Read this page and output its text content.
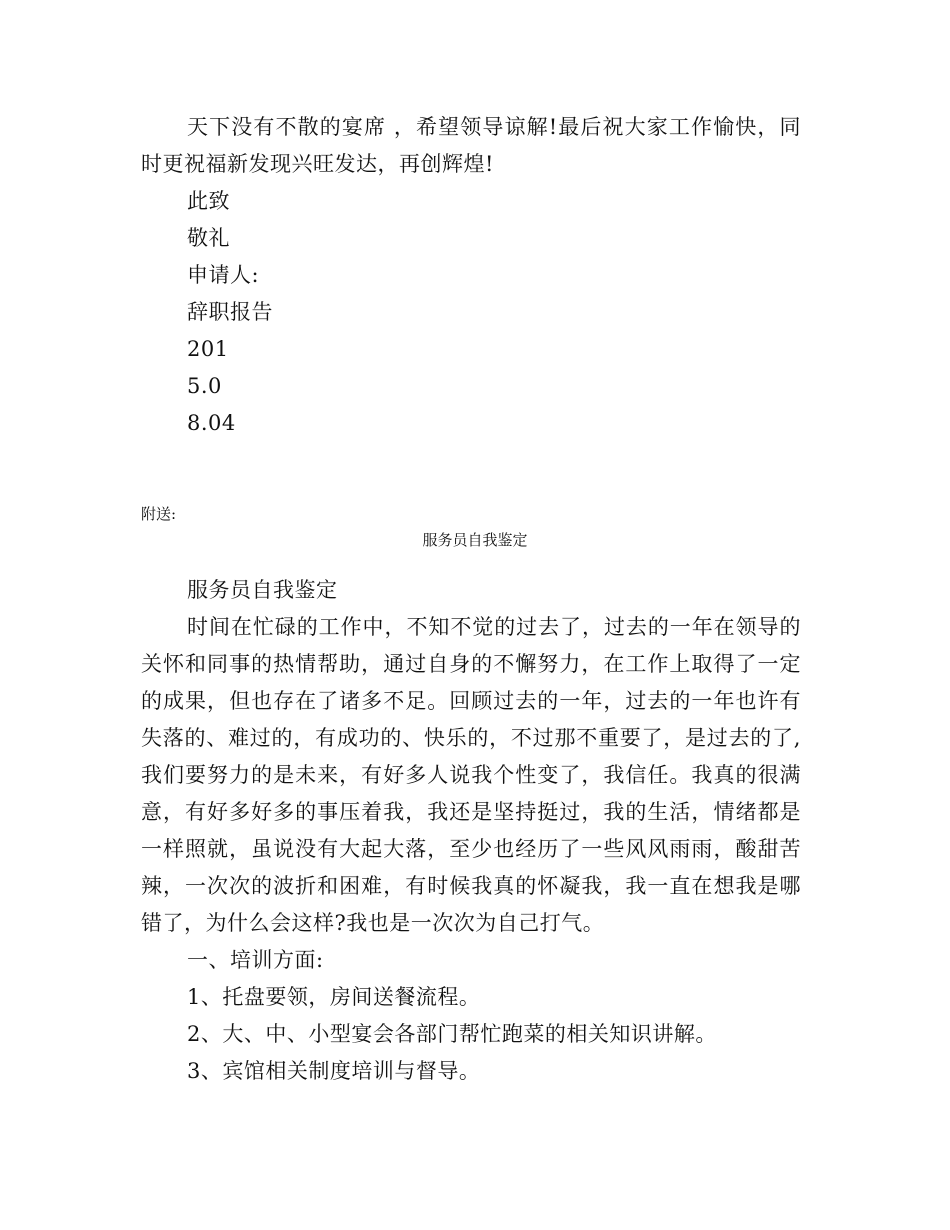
天下没有不散的宴席 ，希望领导谅解!最后祝大家工作愉快，同
时更祝福新发现兴旺发达，再创辉煌!
此致
敬礼
申请人:
辞职报告
201
5.0
8.04
附送:
服务员自我鉴定
服务员自我鉴定
时间在忙碌的工作中，不知不觉的过去了，过去的一年在领导的
关怀和同事的热情帮助，通过自身的不懈努力，在工作上取得了一定
的成果，但也存在了诸多不足。回顾过去的一年，过去的一年也许有
失落的、难过的，有成功的、快乐的，不过那不重要了，是过去的了,
我们要努力的是未来，有好多人说我个性变了，我信任。我真的很满
意，有好多好多的事压着我，我还是坚持挺过，我的生活，情绪都是
一样照就，虽说没有大起大落，至少也经历了一些风风雨雨，酸甜苦
辣，一次次的波折和困难，有时候我真的怀凝我，我一直在想我是哪
错了，为什么会这样?我也是一次次为自己打气。
一、培训方面:
1、托盘要领，房间送餐流程。
2、大、中、小型宴会各部门帮忙跑菜的相关知识讲解。
3、宾馆相关制度培训与督导。
